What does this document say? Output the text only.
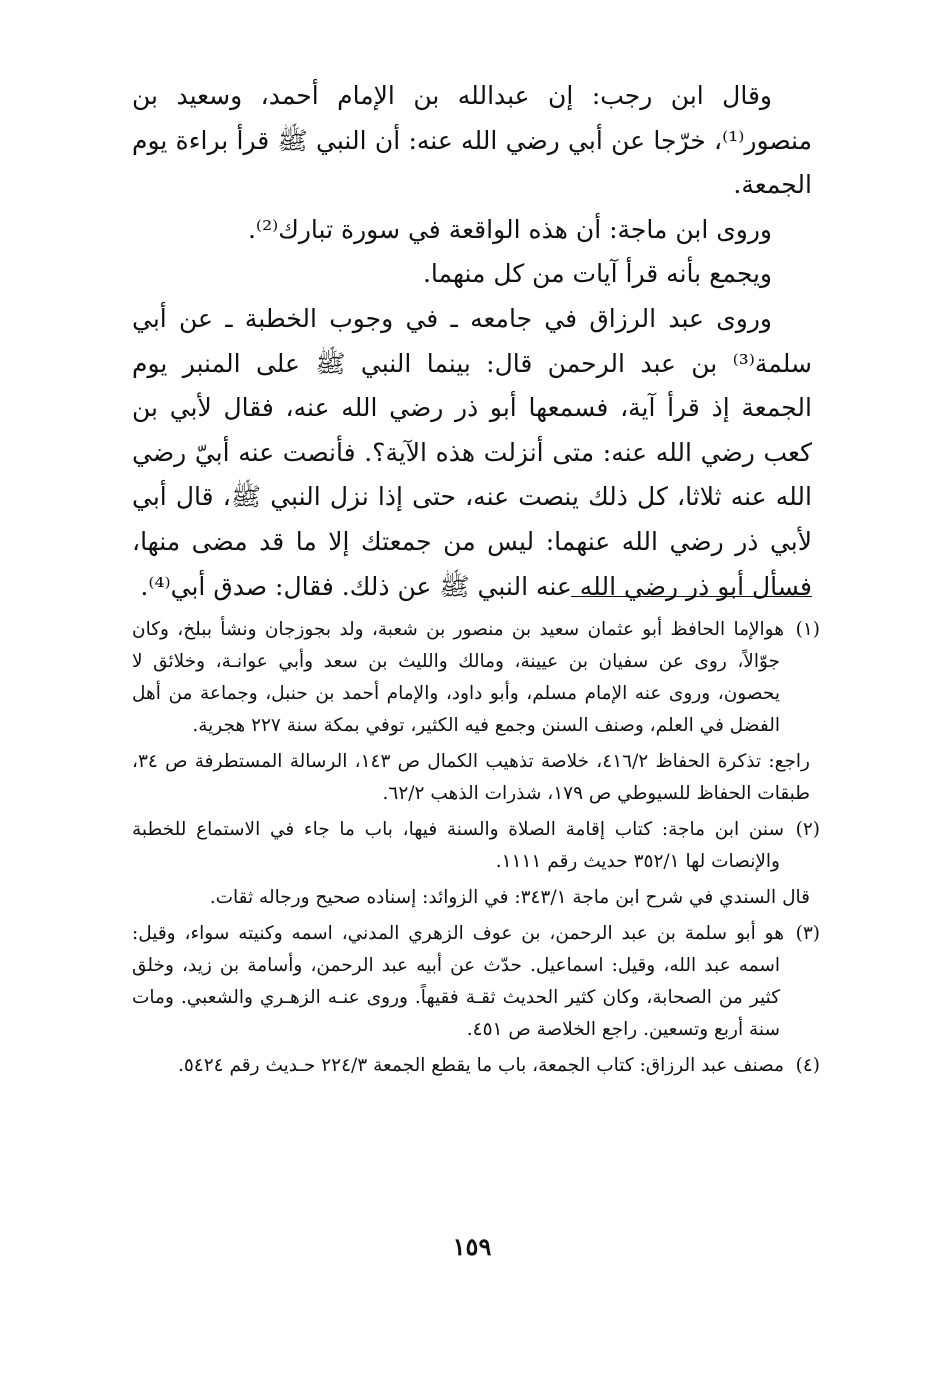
وقال ابن رجب: إن عبدالله بن الإمام أحمد، وسعيد بن منصور⁽¹⁾، خرّجا عن أبي رضي الله عنه: أن النبي ﷺ قرأ براءة يوم الجمعة.

وروى ابن ماجة: أن هذه الواقعة في سورة تبارك⁽²⁾.

ويجمع بأنه قرأ آيات من كل منهما.

وروى عبد الرزاق في جامعه ـ في وجوب الخطبة ـ عن أبي سلمة⁽³⁾ بن عبد الرحمن قال: بينما النبي ﷺ على المنبر يوم الجمعة إذ قرأ آية، فسمعها أبو ذر رضي الله عنه، فقال لأبي بن كعب رضي الله عنه: متى أنزلت هذه الآية؟. فأنصت عنه أبيّ رضي الله عنه ثلاثا، كل ذلك ينصت عنه، حتى إذا نزل النبي ﷺ، قال أبي لأبي ذر رضي الله عنهما: ليس من جمعتك إلا ما قد مضى منها، فسأل أبو ذر رضي الله عنه النبي ﷺ عن ذلك. فقال: صدق أبي⁽⁴⁾.

(١)هوالإما الحافظ أبو عثمان سعيد بن منصور بن شعبة، ولد بجوزجان ونشأ ببلخ، وكان جوّالاً، روى عن سفيان بن عيينة، ومالك والليث بن سعد وأبي عوانـة، وخلائق لا يحصون، وروى عنه الإمام مسلم، وأبو داود، والإمام أحمد بن حنبل، وجماعة من أهل الفضل في العلم، وصنف السنن وجمع فيه الكثير، توفي بمكة سنة ٢٢٧ هجرية.

راجع: تذكرة الحفاظ ٤١٦/٢، خلاصة تذهيب الكمال ص ١٤٣، الرسالة المستطرفة ص ٣٤، طبقات الحفاظ للسيوطي ص ١٧٩، شذرات الذهب ٦٢/٢.

(٢)سنن ابن ماجة: كتاب إقامة الصلاة والسنة فيها، باب ما جاء في الاستماع للخطبة والإنصات لها ٣٥٢/١ حديث رقم ١١١١.

قال السندي في شرح ابن ماجة ٣٤٣/١: في الزوائد: إسناده صحيح ورجاله ثقات.

(٣)هو أبو سلمة بن عبد الرحمن، بن عوف الزهري المدني، اسمه وكنيته سواء، وقيل: اسمه عبد الله، وقيل: اسماعيل. حدّث عن أبيه عبد الرحمن، وأسامة بن زيد، وخلق كثير من الصحابة، وكان كثير الحديث ثقـة فقيهاً. وروى عنـه الزهـري والشعبي. ومات سنة أربع وتسعين. راجع الخلاصة ص ٤٥١.

(٤)مصنف عبد الرزاق: كتاب الجمعة، باب ما يقطع الجمعة ٢٢٤/٣ حـديث رقم ٥٤٢٤.

١٥٩
